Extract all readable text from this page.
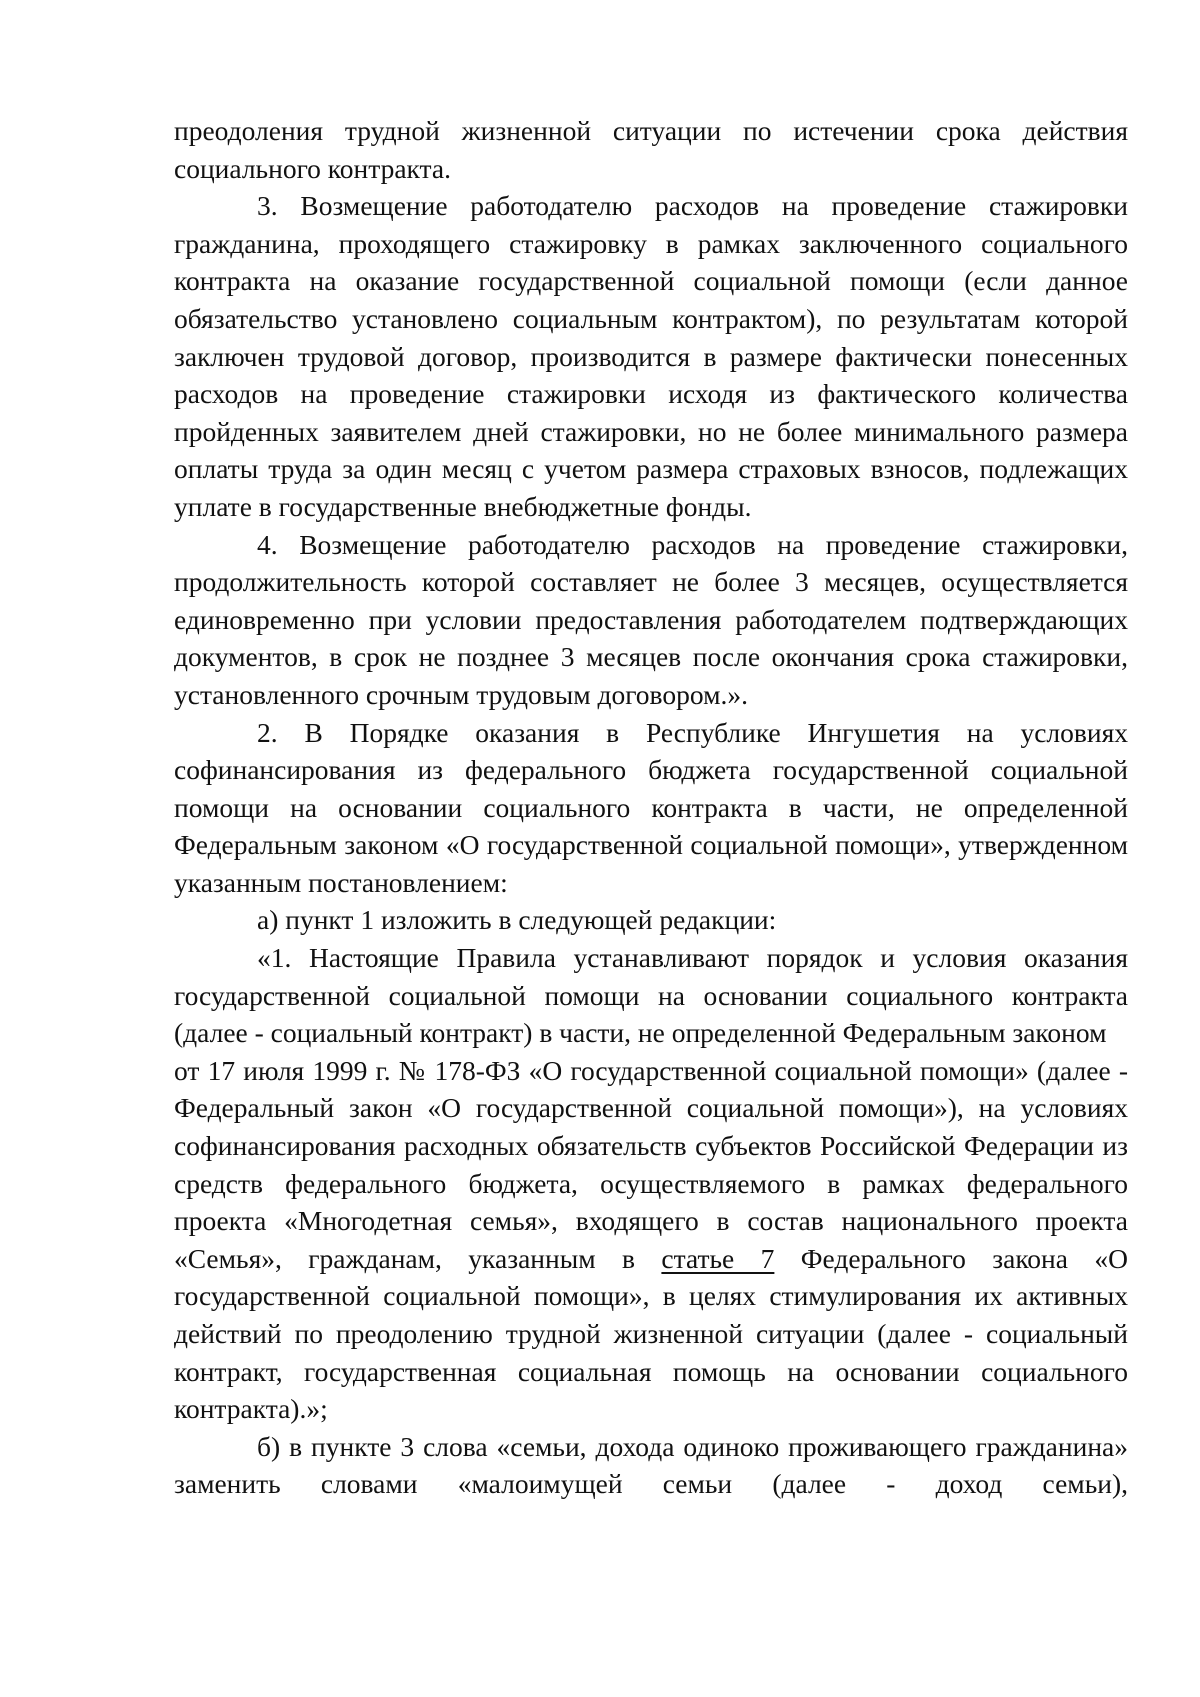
преодоления трудной жизненной ситуации по истечении срока действия социального контракта.

3. Возмещение работодателю расходов на проведение стажировки гражданина, проходящего стажировку в рамках заключенного социального контракта на оказание государственной социальной помощи (если данное обязательство установлено социальным контрактом), по результатам которой заключен трудовой договор, производится в размере фактически понесенных расходов на проведение стажировки исходя из фактического количества пройденных заявителем дней стажировки, но не более минимального размера оплаты труда за один месяц с учетом размера страховых взносов, подлежащих уплате в государственные внебюджетные фонды.

4. Возмещение работодателю расходов на проведение стажировки, продолжительность которой составляет не более 3 месяцев, осуществляется единовременно при условии предоставления работодателем подтверждающих документов, в срок не позднее 3 месяцев после окончания срока стажировки, установленного срочным трудовым договором.».

2. В Порядке оказания в Республике Ингушетия на условиях софинансирования из федерального бюджета государственной социальной помощи на основании социального контракта в части, не определенной Федеральным законом «О государственной социальной помощи», утвержденном указанным постановлением:

а) пункт 1 изложить в следующей редакции:

«1. Настоящие Правила устанавливают порядок и условия оказания государственной социальной помощи на основании социального контракта (далее - социальный контракт) в части, не определенной Федеральным законом

от 17 июля 1999 г. № 178-ФЗ «О государственной социальной помощи» (далее - Федеральный закон «О государственной социальной помощи»), на условиях софинансирования расходных обязательств субъектов Российской Федерации из средств федерального бюджета, осуществляемого в рамках федерального проекта «Многодетная семья», входящего в состав национального проекта «Семья», гражданам, указанным в статье 7 Федерального закона «О государственной социальной помощи», в целях стимулирования их активных действий по преодолению трудной жизненной ситуации (далее - социальный контракт, государственная социальная помощь на основании социального контракта).»;

б) в пункте 3 слова «семьи, дохода одиноко проживающего гражданина» заменить словами «малоимущей семьи (далее - доход семьи),
